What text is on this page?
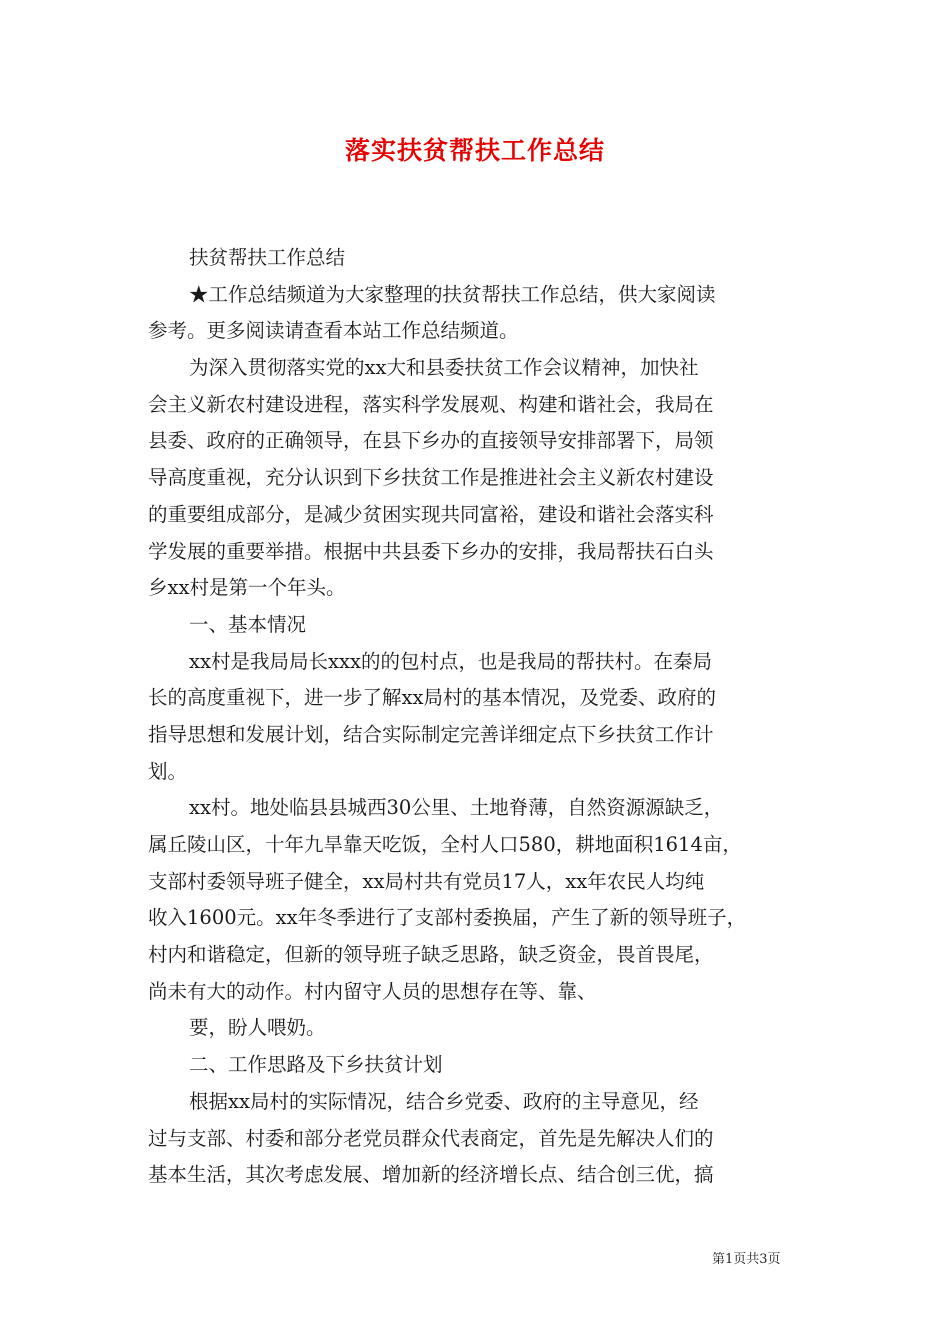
落实扶贫帮扶工作总结
扶贫帮扶工作总结
★工作总结频道为大家整理的扶贫帮扶工作总结，供大家阅读
参考。更多阅读请查看本站工作总结频道。
为深入贯彻落实党的xx大和县委扶贫工作会议精神，加快社
会主义新农村建设进程，落实科学发展观、构建和谐社会，我局在
县委、政府的正确领导，在县下乡办的直接领导安排部署下，局领
导高度重视，充分认识到下乡扶贫工作是推进社会主义新农村建设
的重要组成部分，是减少贫困实现共同富裕，建设和谐社会落实科
学发展的重要举措。根据中共县委下乡办的安排，我局帮扶石白头
乡xx村是第一个年头。
一、基本情况
xx村是我局局长xxx的的包村点，也是我局的帮扶村。在秦局
长的高度重视下，进一步了解xx局村的基本情况，及党委、政府的
指导思想和发展计划，结合实际制定完善详细定点下乡扶贫工作计
划。
xx村。地处临县县城西30公里、土地脊薄，自然资源源缺乏，
属丘陵山区，十年九旱靠天吃饭，全村人口580，耕地面积1614亩，
支部村委领导班子健全，xx局村共有党员17人，xx年农民人均纯
收入1600元。xx年冬季进行了支部村委换届，产生了新的领导班子，
村内和谐稳定，但新的领导班子缺乏思路，缺乏资金，畏首畏尾，
尚未有大的动作。村内留守人员的思想存在等、靠、
要，盼人喂奶。
二、工作思路及下乡扶贫计划
根据xx局村的实际情况，结合乡党委、政府的主导意见，经
过与支部、村委和部分老党员群众代表商定，首先是先解决人们的
基本生活，其次考虑发展、增加新的经济增长点、结合创三优，搞
第1页共3页
